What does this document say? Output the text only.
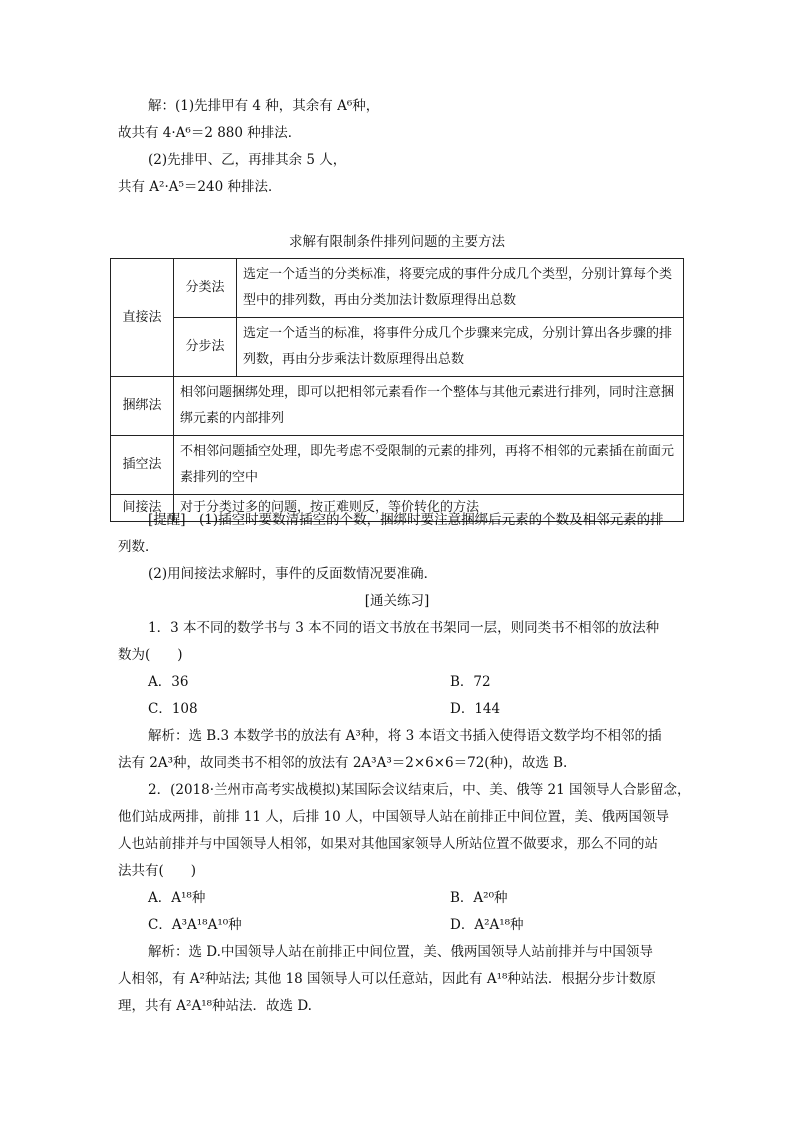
解：(1)先排甲有 4 种，其余有 A⁶种，
故共有 4·A⁶＝2 880 种排法．
(2)先排甲、乙，再排其余 5 人，
共有 A²·A⁵＝240 种排法．
求解有限制条件排列问题的主要方法
直接法	分类法	选定一个适当的分类标准，将要完成的事件分成几个类型，分别计算每个类型中的排列数，再由分类加法计数原理得出总数
	分步法	选定一个适当的标准，将事件分成几个步骤来完成，分别计算出各步骤的排列数，再由分步乘法计数原理得出总数
捆绑法	相邻问题捆绑处理，即可以把相邻元素看作一个整体与其他元素进行排列，同时注意捆绑元素的内部排列	
插空法	不相邻问题插空处理，即先考虑不受限制的元素的排列，再将不相邻的元素插在前面元素排列的空中	
间接法	对于分类过多的问题，按正难则反，等价转化的方法	
[提醒]　(1)插空时要数清插空的个数，捆绑时要注意捆绑后元素的个数及相邻元素的排
列数．
(2)用间接法求解时，事件的反面数情况要准确．
[通关练习]
1．3 本不同的数学书与 3 本不同的语文书放在书架同一层，则同类书不相邻的放法种
数为(　　)
A．36	B．72
C．108	D．144
解析：选 B.3 本数学书的放法有 A³种，将 3 本语文书插入使得语文数学均不相邻的插
法有 2A³种，故同类书不相邻的放法有 2A³A³＝2×6×6＝72(种)，故选 B.
2．(2018·兰州市高考实战模拟)某国际会议结束后，中、美、俄等 21 国领导人合影留念，
他们站成两排，前排 11 人，后排 10 人，中国领导人站在前排正中间位置，美、俄两国领导
人也站前排并与中国领导人相邻，如果对其他国家领导人所站位置不做要求，那么不同的站
法共有(　　)
A．A¹⁸种	B．A²⁰种
C．A³A¹⁸A¹⁰种	D．A²A¹⁸种
解析：选 D.中国领导人站在前排正中间位置，美、俄两国领导人站前排并与中国领导
人相邻，有 A²种站法; 其他 18 国领导人可以任意站，因此有 A¹⁸种站法．根据分步计数原
理，共有 A²A¹⁸种站法．故选 D.
